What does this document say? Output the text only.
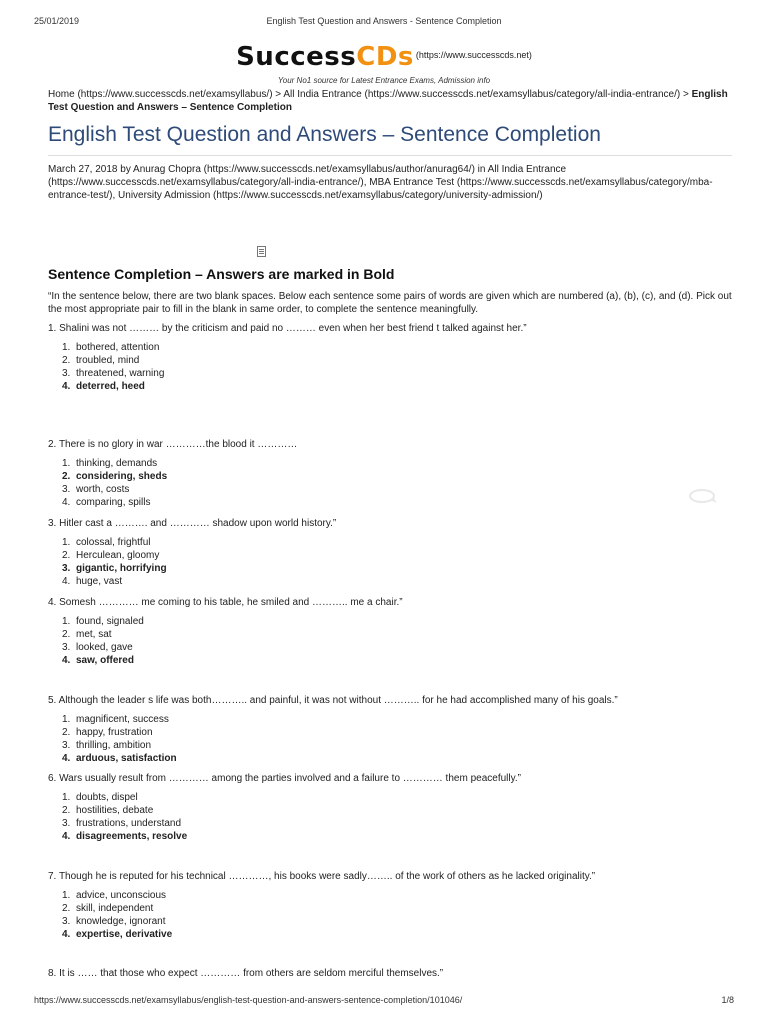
25/01/2019	English Test Question and Answers - Sentence Completion
SuccessCDs (https://www.successcds.net)
Your No1 source for Latest Entrance Exams, Admission info
Home (https://www.successcds.net/examsyllabus/) > All India Entrance (https://www.successcds.net/examsyllabus/category/all-india-entrance/) > English Test Question and Answers – Sentence Completion
English Test Question and Answers – Sentence Completion
March 27, 2018 by Anurag Chopra (https://www.successcds.net/examsyllabus/author/anurag64/) in All India Entrance (https://www.successcds.net/examsyllabus/category/all-india-entrance/), MBA Entrance Test (https://www.successcds.net/examsyllabus/category/mba-entrance-test/), University Admission (https://www.successcds.net/examsyllabus/category/university-admission/)
Sentence Completion – Answers are marked in Bold
“In the sentence below, there are two blank spaces. Below each sentence some pairs of words are given which are numbered (a), (b), (c), and (d). Pick out the most appropriate pair to fill in the blank in same order, to complete the sentence meaningfully.
1. Shalini was not ……… by the criticism and paid no ……… even when her best friend t talked against her.”
1. bothered, attention
2. troubled, mind
3. threatened, warning
4. deterred, heed
2. There is no glory in war …………the blood it …………
1. thinking, demands
2. considering, sheds
3. worth, costs
4. comparing, spills
3. Hitler cast a ………. and ………… shadow upon world history.”
1. colossal, frightful
2. Herculean, gloomy
3. gigantic, horrifying
4. huge, vast
4. Somesh ………… me coming to his table, he smiled and ……….. me a chair.”
1. found, signaled
2. met, sat
3. looked, gave
4. saw, offered
5. Although the leader s life was both……….. and painful, it was not without ……….. for he had accomplished many of his goals.”
1. magnificent, success
2. happy, frustration
3. thrilling, ambition
4. arduous, satisfaction
6. Wars usually result from ………… among the parties involved and a failure to ………… them peacefully.”
1. doubts, dispel
2. hostilities, debate
3. frustrations, understand
4. disagreements, resolve
7. Though he is reputed for his technical …………, his books were sadly…….. of the work of others as he lacked originality.”
1. advice, unconscious
2. skill, independent
3. knowledge, ignorant
4. expertise, derivative
8. It is …… that those who expect ………… from others are seldom merciful themselves.”
https://www.successcds.net/examsyllabus/english-test-question-and-answers-sentence-completion/101046/	1/8
